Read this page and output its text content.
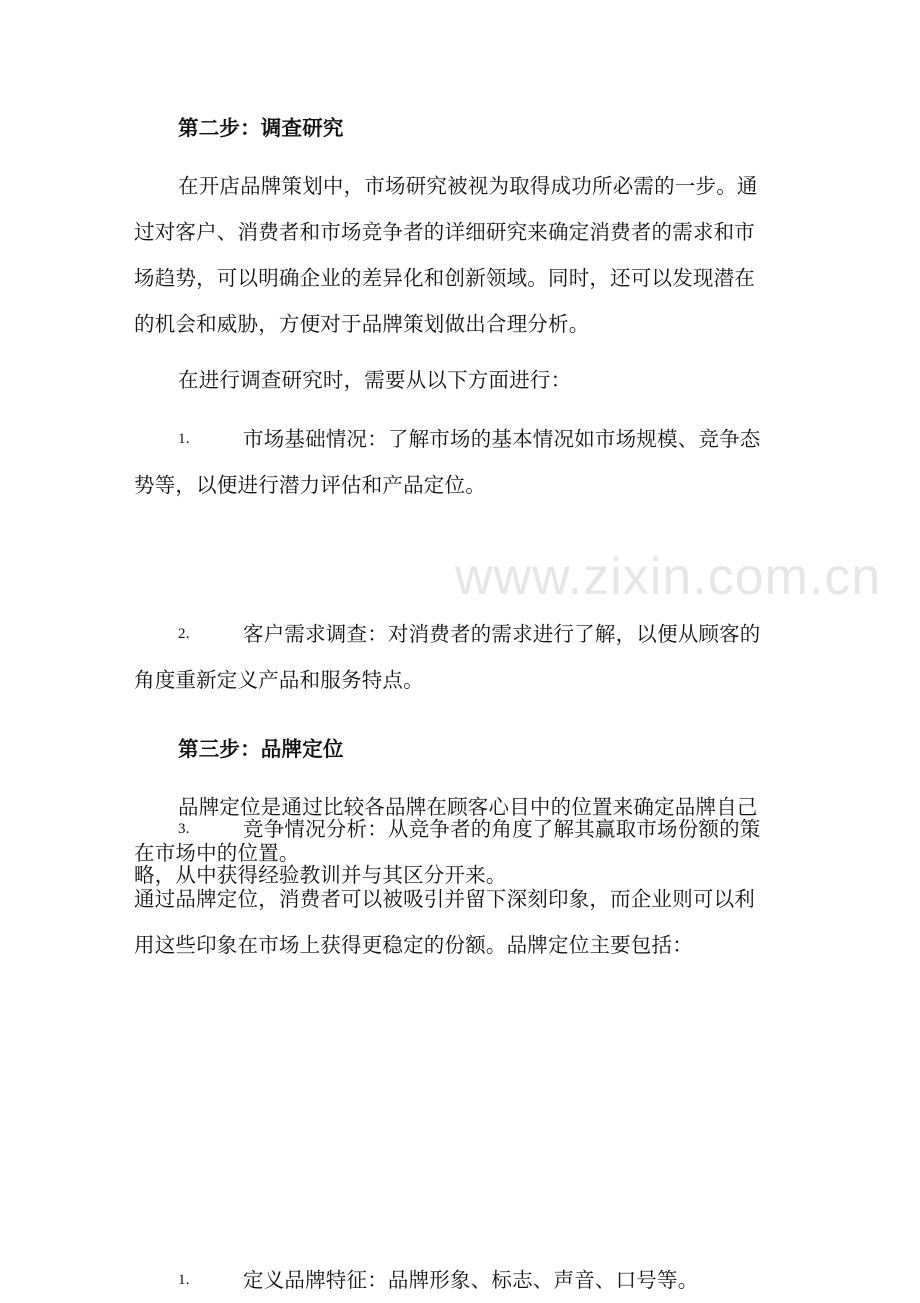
www.zixin.com.cn
第二步：调查研究
在开店品牌策划中，市场研究被视为取得成功所必需的一步。通
过对客户、消费者和市场竞争者的详细研究来确定消费者的需求和市
场趋势，可以明确企业的差异化和创新领域。同时，还可以发现潜在
的机会和威胁，方便对于品牌策划做出合理分析。
在进行调查研究时，需要从以下方面进行：
1.	市场基础情况：了解市场的基本情况如市场规模、竞争态
势等，以便进行潜力评估和产品定位。
2.	客户需求调查：对消费者的需求进行了解，以便从顾客的
角度重新定义产品和服务特点。
3.	竞争情况分析：从竞争者的角度了解其赢取市场份额的策
略，从中获得经验教训并与其区分开来。
第三步：品牌定位
品牌定位是通过比较各品牌在顾客心目中的位置来确定品牌自己
在市场中的位置。
通过品牌定位，消费者可以被吸引并留下深刻印象，而企业则可以利
用这些印象在市场上获得更稳定的份额。品牌定位主要包括：
1.	定义品牌特征：品牌形象、标志、声音、口号等。
